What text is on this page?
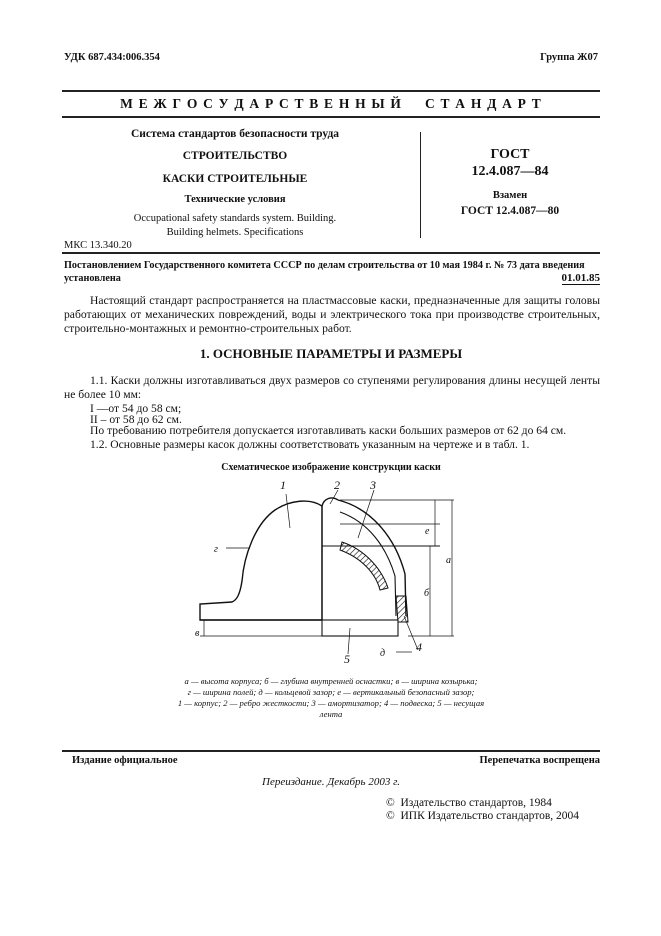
УДК 687.434:006.354	Группа Ж07
М Е Ж Г О С У Д А Р С Т В Е Н Н Ы Й     С Т А Н Д А Р Т
Система стандартов безопасности труда
СТРОИТЕЛЬСТВО
КАСКИ СТРОИТЕЛЬНЫЕ
Технические условия
Occupational safety standards system. Building.
Building helmets. Specifications
МКС 13.340.20
ГОСТ
12.4.087—84
Взамен
ГОСТ 12.4.087—80
Постановлением Государственного комитета СССР по делам строительства от 10 мая 1984 г. № 73 дата введения
установлена	01.01.85
Настоящий стандарт распространяется на пластмассовые каски, предназначенные для защиты головы работающих от механических повреждений, воды и электрического тока при производстве строительных, строительно-монтажных и ремонтно-строительных работ.
1. ОСНОВНЫЕ ПАРАМЕТРЫ И РАЗМЕРЫ
1.1. Каски должны изготавливаться двух размеров со ступенями регулирования длины несущей ленты не более 10 мм:
I —от 54 до 58 см;
II – от 58 до 62 см.
По требованию потребителя допускается изготавливать каски больших размеров от 62 до 64 см.
1.2. Основные размеры касок должны соответствовать указанным на чертеже и в табл. 1.
Схематическое изображение конструкции каски
1	2	3
4
5
а
б
в
г
д
е
а — высота корпуса; б — глубина внутренней оснастки; в — ширина козырька;
г — ширина полей; д — кольцевой зазор; е — вертикальный безопасный зазор;
1 — корпус; 2 — ребро жесткости; 3 — амортизатор; 4 — подвеска; 5 — несущая
лента
Издание официальное	Перепечатка воспрещена
Переиздание. Декабрь 2003 г.
©  Издательство стандартов, 1984
©  ИПК Издательство стандартов, 2004
